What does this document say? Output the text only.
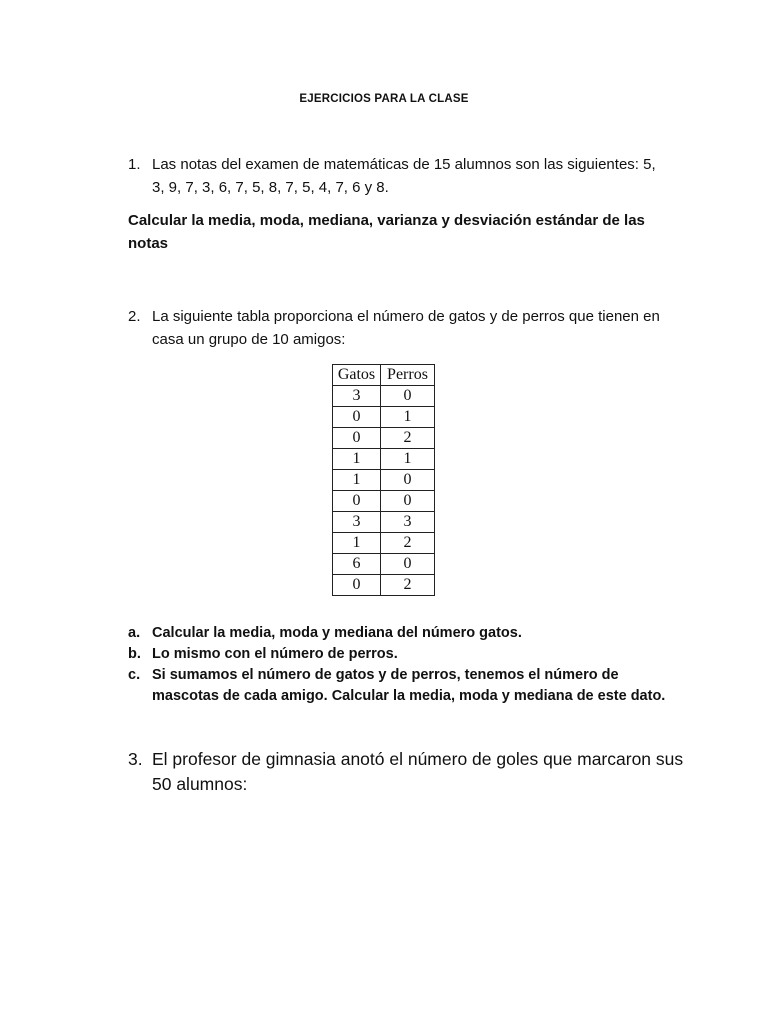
EJERCICIOS PARA LA CLASE
1. Las notas del examen de matemáticas de 15 alumnos son las siguientes: 5, 3, 9, 7, 3, 6, 7, 5, 8, 7, 5, 4, 7, 6 y 8.
Calcular la media, moda, mediana, varianza y desviación estándar de las notas
2. La siguiente tabla proporciona el número de gatos y de perros que tienen en casa un grupo de 10 amigos:
Gatos	Perros
3	0
0	1
0	2
1	1
1	0
0	0
3	3
1	2
6	0
0	2
a. Calcular la media, moda y mediana del número gatos.
b. Lo mismo con el número de perros.
c. Si sumamos el número de gatos y de perros, tenemos el número de mascotas de cada amigo. Calcular la media, moda y mediana de este dato.
3. El profesor de gimnasia anotó el número de goles que marcaron sus 50 alumnos:
